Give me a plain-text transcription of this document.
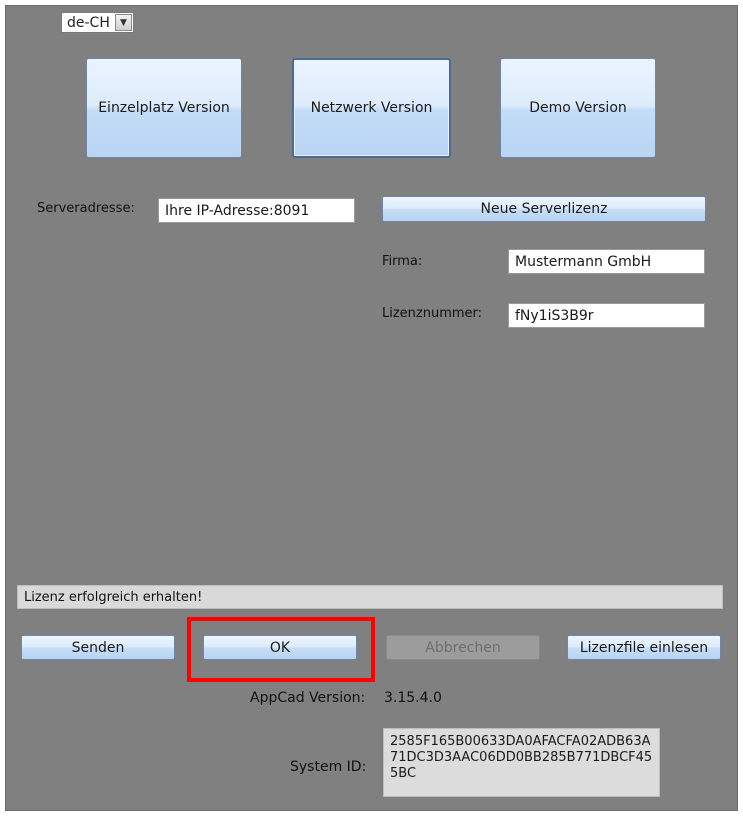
de-CH	▼
Einzelplatz Version	Netzwerk Version	Demo Version
Serveradresse:	Ihre IP-Adresse:8091	Neue Serverlizenz
Firma:	Mustermann GmbH
Lizenznummer:	fNy1iS3B9r
Lizenz erfolgreich erhalten!
Senden	OK	Abbrechen	Lizenzfile einlesen
AppCad Version: 3.15.4.0
System ID:
2585F165B00633DA0AFACFA02ADB63A71DC3D3AAC06DD0BB285B771DBCF455BC
